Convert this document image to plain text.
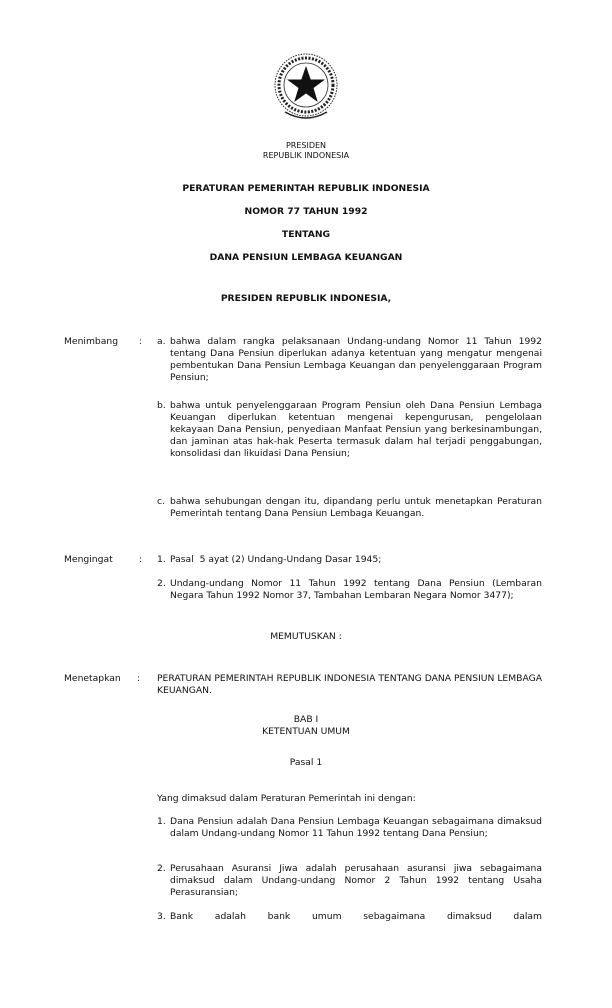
PRESIDEN
REPUBLIK INDONESIA
PERATURAN PEMERINTAH REPUBLIK INDONESIA
NOMOR 77 TAHUN 1992
TENTANG
DANA PENSIUN LEMBAGA KEUANGAN
PRESIDEN REPUBLIK INDONESIA,
Menimbang : a. bahwa dalam rangka pelaksanaan Undang-undang Nomor 11 Tahun 1992 tentang Dana Pensiun diperlukan adanya ketentuan yang mengatur mengenai pembentukan Dana Pensiun Lembaga Keuangan dan penyelenggaraan Program Pensiun;
b. bahwa untuk penyelenggaraan Program Pensiun oleh Dana Pensiun Lembaga Keuangan diperlukan ketentuan mengenai kepengurusan, pengelolaan kekayaan Dana Pensiun, penyediaan Manfaat Pensiun yang berkesinambungan, dan jaminan atas hak-hak Peserta termasuk dalam hal terjadi penggabungan, konsolidasi dan likuidasi Dana Pensiun;
c. bahwa sehubungan dengan itu, dipandang perlu untuk menetapkan Peraturan Pemerintah tentang Dana Pensiun Lembaga Keuangan.
Mengingat	: 1. Pasal  5 ayat (2) Undang-Undang Dasar 1945;
2. Undang-undang Nomor 11 Tahun 1992 tentang Dana Pensiun (Lembaran Negara Tahun 1992 Nomor 37, Tambahan Lembaran Negara Nomor 3477);
MEMUTUSKAN :
Menetapkan : PERATURAN PEMERINTAH REPUBLIK INDONESIA TENTANG DANA PENSIUN LEMBAGA KEUANGAN.
BAB I
KETENTUAN UMUM
Pasal 1
Yang dimaksud dalam Peraturan Pemerintah ini dengan:
1. Dana Pensiun adalah Dana Pensiun Lembaga Keuangan sebagaimana dimaksud dalam Undang-undang Nomor 11 Tahun 1992 tentang Dana Pensiun;
2. Perusahaan Asuransi Jiwa adalah perusahaan asuransi jiwa sebagaimana dimaksud dalam Undang-undang Nomor 2 Tahun 1992 tentang Usaha Perasuransian;
3. Bank adalah bank umum sebagaimana dimaksud dalam
